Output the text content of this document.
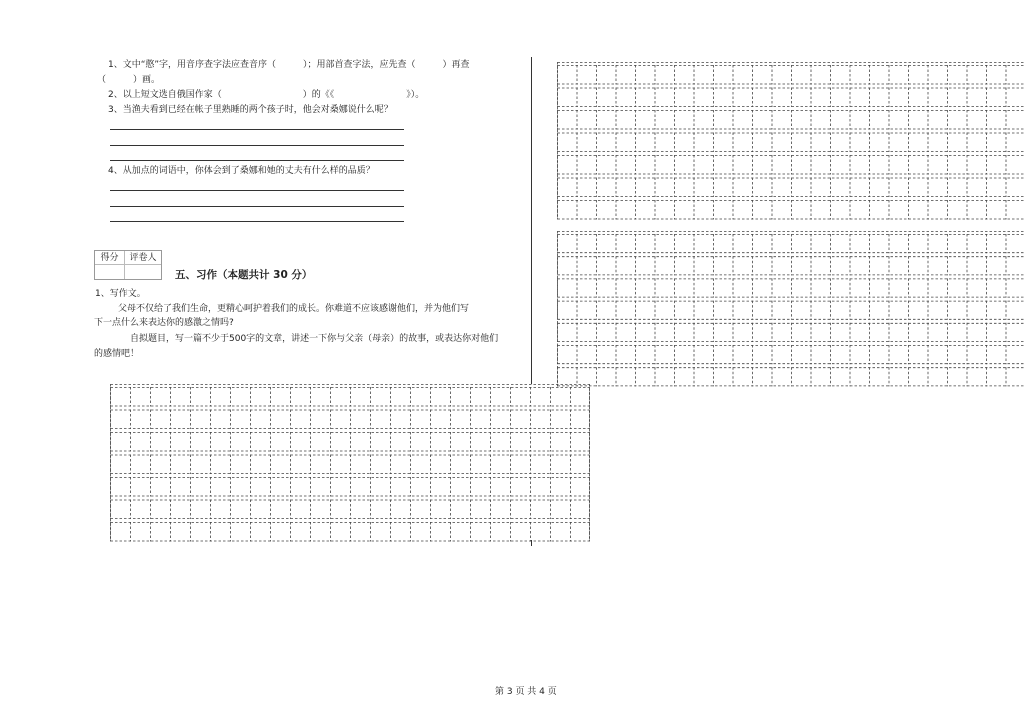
1、文中“憨”字，用音序查字法应查音序（　　　）；用部首查字法，应先查（　　　）再查
（　　　）画。
2、以上短文选自俄国作家（　　　　　　　　　）的《《　　　　　　　　》）。
3、当渔夫看到已经在帐子里熟睡的两个孩子时，他会对桑娜说什么呢？
4、从加点的词语中，你体会到了桑娜和她的丈夫有什么样的品质？
得分	评卷人
五、习作（本题共计 30 分）
1、写作文。
父母不仅给了我们生命，更精心呵护着我们的成长。你难道不应该感谢他们，并为他们写
下一点什么来表达你的感激之情吗?
自拟题目，写一篇不少于500字的文章，讲述一下你与父亲（母亲）的故事，或表达你对他们
的感情吧！
第 3 页 共 4 页
